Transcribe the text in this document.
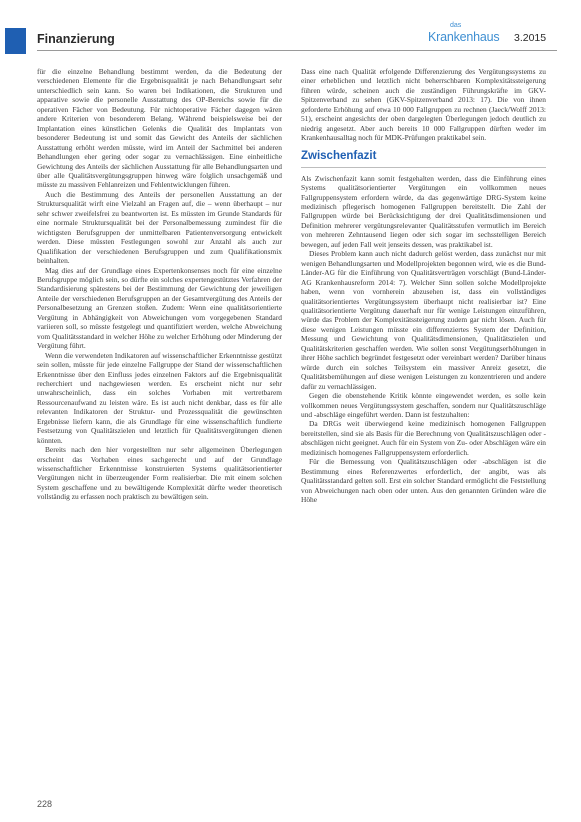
Finanzierung
das
Krankenhaus 3.2015

für die einzelne Behandlung bestimmt werden, da die Bedeutung der verschiedenen Elemente für die Ergebnisqualität je nach Behandlungsart sehr unterschiedlich sein kann. So waren bei Indikationen, die Strukturen und apparative sowie die personelle Ausstattung des OP-Bereichs sowie für die operativen Fächer von Bedeutung. Für nichtoperative Fächer dagegen wären andere Kriterien von besonderem Belang. Während beispielsweise bei der Implantation eines künstlichen Gelenks die Qualität des Implantats von besonderer Bedeutung ist und somit das Gewicht des Anteils der sächlichen Ausstattung erhöht werden müsste, wird im Anteil der Sachmittel bei anderen Behandlungen eher gering oder sogar zu vernachlässigen. Eine einheitliche Gewichtung des Anteils der sächlichen Ausstattung für alle Behandlungsarten und über alle Qualitätsvergütungsgruppen hinweg wäre folglich unsachgemäß und müsste zu massiven Fehlanreizen und Fehlentwicklungen führen.

Auch die Bestimmung des Anteils der personellen Ausstattung an der Struktursqualität wirft eine Vielzahl an Fragen auf, die – wenn überhaupt – nur sehr schwer zweifelsfrei zu beantworten ist. Es müssten im Grunde Standards für eine normale Struktursqualität bei der Personalbemessung zumindest für die wichtigsten Berufsgruppen der unmittelbaren Patientenversorgung entwickelt werden. Diese müssten Festlegungen sowohl zur Anzahl als auch zur Qualifikation der verschiedenen Berufsgruppen und zum Qualifikationsmix beinhalten.

Mag dies auf der Grundlage eines Expertenkonsenses noch für eine einzelne Berufsgruppe möglich sein, so dürfte ein solches expertengestütztes Verfahren der Standardisierung spätestens bei der Bestimmung der Gewichtung der jeweiligen Anteile der verschiedenen Berufsgruppen an der Gesamtvergütung des Anteils der Personalbesetzung an Grenzen stoßen. Zudem: Wenn eine qualitätsorientierte Vergütung in Abhängigkeit von Abweichungen vom vorgegebenen Standard variieren soll, so müsste festgelegt und quantifiziert werden, welche Abweichung vom Qualitätsstandard in welcher Höhe zu welcher Erhöhung oder Minderung der Vergütung führt.

Wenn die verwendeten Indikatoren auf wissenschaftlicher Erkenntnisse gestützt sein sollen, müsste für jede einzelne Fallgruppe der Stand der wissenschaftlichen Erkenntnisse über den Einfluss jedes einzelnen Faktors auf die Ergebnisqualität recherchiert und nachgewiesen werden. Es erscheint nicht nur sehr unwahrscheinlich, dass ein solches Vorhaben mit vertretbarem Ressourcenaufwand zu leisten wäre. Es ist auch nicht denkbar, dass es für alle relevanten Indikatoren der Struktur- und Prozessqualität die gewünschten Ergebnisse liefern kann, die als Grundlage für eine wissenschaftlich fundierte Festsetzung von Qualitätszielen und letztlich für Qualitätsvergütungen dienen könnten.

Bereits nach den hier vorgestellten nur sehr allgemeinen Überlegungen erscheint das Vorhaben eines sachgerecht und auf der Grundlage wissenschaftlicher Erkenntnisse konstruierten Systems qualitätsorientierter Vergütungen nicht in überzeugender Form realisierbar. Die mit einem solchen System geschaffene und zu bewältigende Komplexität dürfte weder theoretisch vollständig zu erfassen noch praktisch zu bewältigen sein.

Dass eine nach Qualität erfolgende Differenzierung des Vergütungssystems zu einer erheblichen und letztlich nicht beherrschbaren Komplexitätssteigerung führen würde, scheinen auch die zuständigen Führungskräfte im GKV-Spitzenverband zu sehen (GKV-Spitzenverband 2013: 17). Die von ihnen geforderte Erhöhung auf etwa 10 000 Fallgruppen zu rechnen (Jaeck/Wolff 2013: 51), erscheint angesichts der oben dargelegten Überlegungen jedoch deutlich zu niedrig angesetzt. Aber auch bereits 10 000 Fallgruppen dürften weder im Krankenhausalltag noch für MDK-Prüfungen praktikabel sein.

Zwischenfazit

Als Zwischenfazit kann somit festgehalten werden, dass die Einführung eines Systems qualitätsorientierter Vergütungen ein vollkommen neues Fallgruppensystem erfordern würde, da das gegenwärtige DRG-System keine medizinisch pflegerisch homogenen Fallgruppen bereitstellt. Die Zahl der Fallgruppen würde bei Berücksichtigung der drei Qualitätsdimensionen und Definition mehrerer vergütungsrelevanter Qualitätsstufen vermutlich im Bereich von mehreren Zehntausend liegen oder sich sogar im sechsstelligen Bereich bewegen, auf jeden Fall weit jenseits dessen, was praktikabel ist.

Dieses Problem kann auch nicht dadurch gelöst werden, dass zunächst nur mit wenigen Behandlungsarten und Modellprojekten begonnen wird, wie es die Bund-Länder-AG für die Einführung von Qualitätsverträgen vorschlägt (Bund-Länder-AG Krankenhausreform 2014: 7). Welcher Sinn sollen solche Modellprojekte haben, wenn von vornherein abzusehen ist, dass ein vollständiges qualitätsorientiertes Vergütungssystem überhaupt nicht realisierbar ist? Eine qualitätsorientierte Vergütung dauerhaft nur für wenige Leistungen einzuführen, würde das Problem der Komplexitätssteigerung zudem gar nicht lösen. Auch für diese wenigen Leistungen müsste ein differenziertes System der Definition, Messung und Gewichtung von Qualitätsdimensionen, Qualitätszielen und Qualitätskriterien geschaffen werden. Wie sollen sonst Vergütungserhöhungen in ihrer Höhe sachlich begründet festgesetzt oder vereinbart werden? Darüber hinaus würde durch ein solches Teilsystem ein massiver Anreiz gesetzt, die Qualitätsbemühungen auf diese wenigen Leistungen zu konzentrieren und andere dafür zu vernachlässigen.

Gegen die obenstehende Kritik könnte eingewendet werden, es solle kein vollkommen neues Vergütungssystem geschaffen, sondern nur Qualitätszuschläge und -abschläge eingeführt werden. Dann ist festzuhalten:

Da DRGs weit überwiegend keine medizinisch homogenen Fallgruppen bereitstellen, sind sie als Basis für die Berechnung von Qualitätszuschlägen oder -abschlägen nicht geeignet. Auch für ein System von Zu- oder Abschlägen wäre ein medizinisch homogenes Fallgruppensystem erforderlich.

Für die Bemessung von Qualitätszuschlägen oder -abschlägen ist die Bestimmung eines Referenzwertes erforderlich, der angibt, was als Qualitätsstandard gelten soll. Erst ein solcher Standard ermöglicht die Feststellung von Abweichungen nach oben oder unten. Aus den genannten Gründen wäre die Höhe

228
